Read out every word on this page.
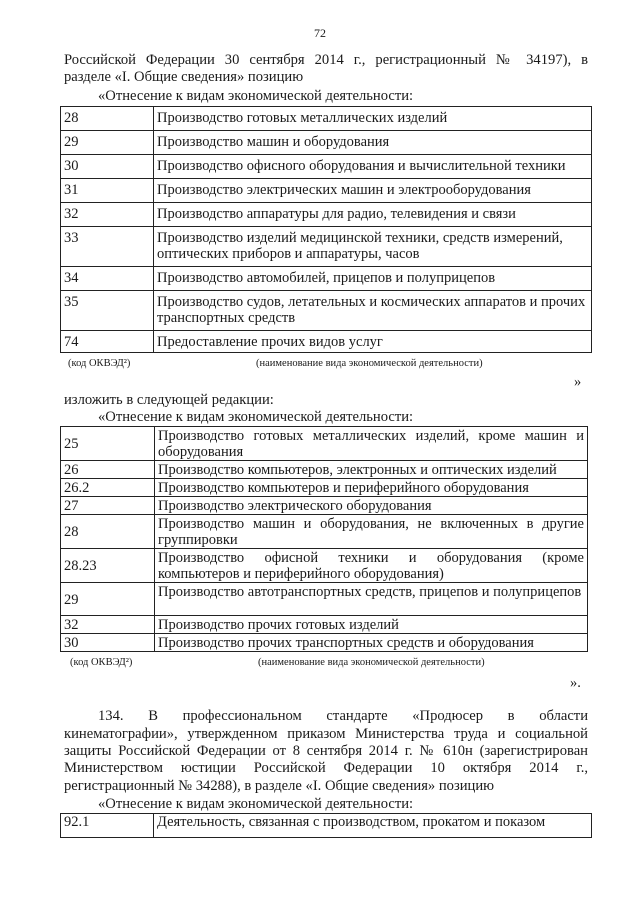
72
Российской Федерации 30 сентября 2014 г., регистрационный № 34197), в
разделе «I. Общие сведения» позицию
«Отнесение к видам экономической деятельности:
28	Производство готовых металлических изделий
29	Производство машин и оборудования
30	Производство офисного оборудования и вычислительной техники
31	Производство электрических машин и электрооборудования
32	Производство аппаратуры для радио, телевидения и связи
33	Производство изделий медицинской техники, средств измерений, оптических приборов и аппаратуры, часов
34	Производство автомобилей, прицепов и полуприцепов
35	Производство судов, летательных и космических аппаратов и прочих транспортных средств
74	Предоставление прочих видов услуг
(код ОКВЭД²)	(наименование вида экономической деятельности)
»
изложить в следующей редакции:
«Отнесение к видам экономической деятельности:
25	Производство готовых металлических изделий, кроме машин и оборудования
26	Производство компьютеров, электронных и оптических изделий
26.2	Производство компьютеров и периферийного оборудования
27	Производство электрического оборудования
28	Производство машин и оборудования, не включенных в другие группировки
28.23	Производство офисной техники и оборудования (кроме компьютеров и периферийного оборудования)
29	Производство автотранспортных средств, прицепов и полуприцепов
32	Производство прочих готовых изделий
30	Производство прочих транспортных средств и оборудования
(код ОКВЭД²)	(наименование вида экономической деятельности)
».
134. В профессиональном стандарте «Продюсер в области
кинематографии», утвержденном приказом Министерства труда и социальной
защиты Российской Федерации от 8 сентября 2014 г. № 610н (зарегистрирован
Министерством юстиции Российской Федерации 10 октября 2014 г.,
регистрационный № 34288), в разделе «I. Общие сведения» позицию
«Отнесение к видам экономической деятельности:
92.1	Деятельность, связанная с производством, прокатом и показом
